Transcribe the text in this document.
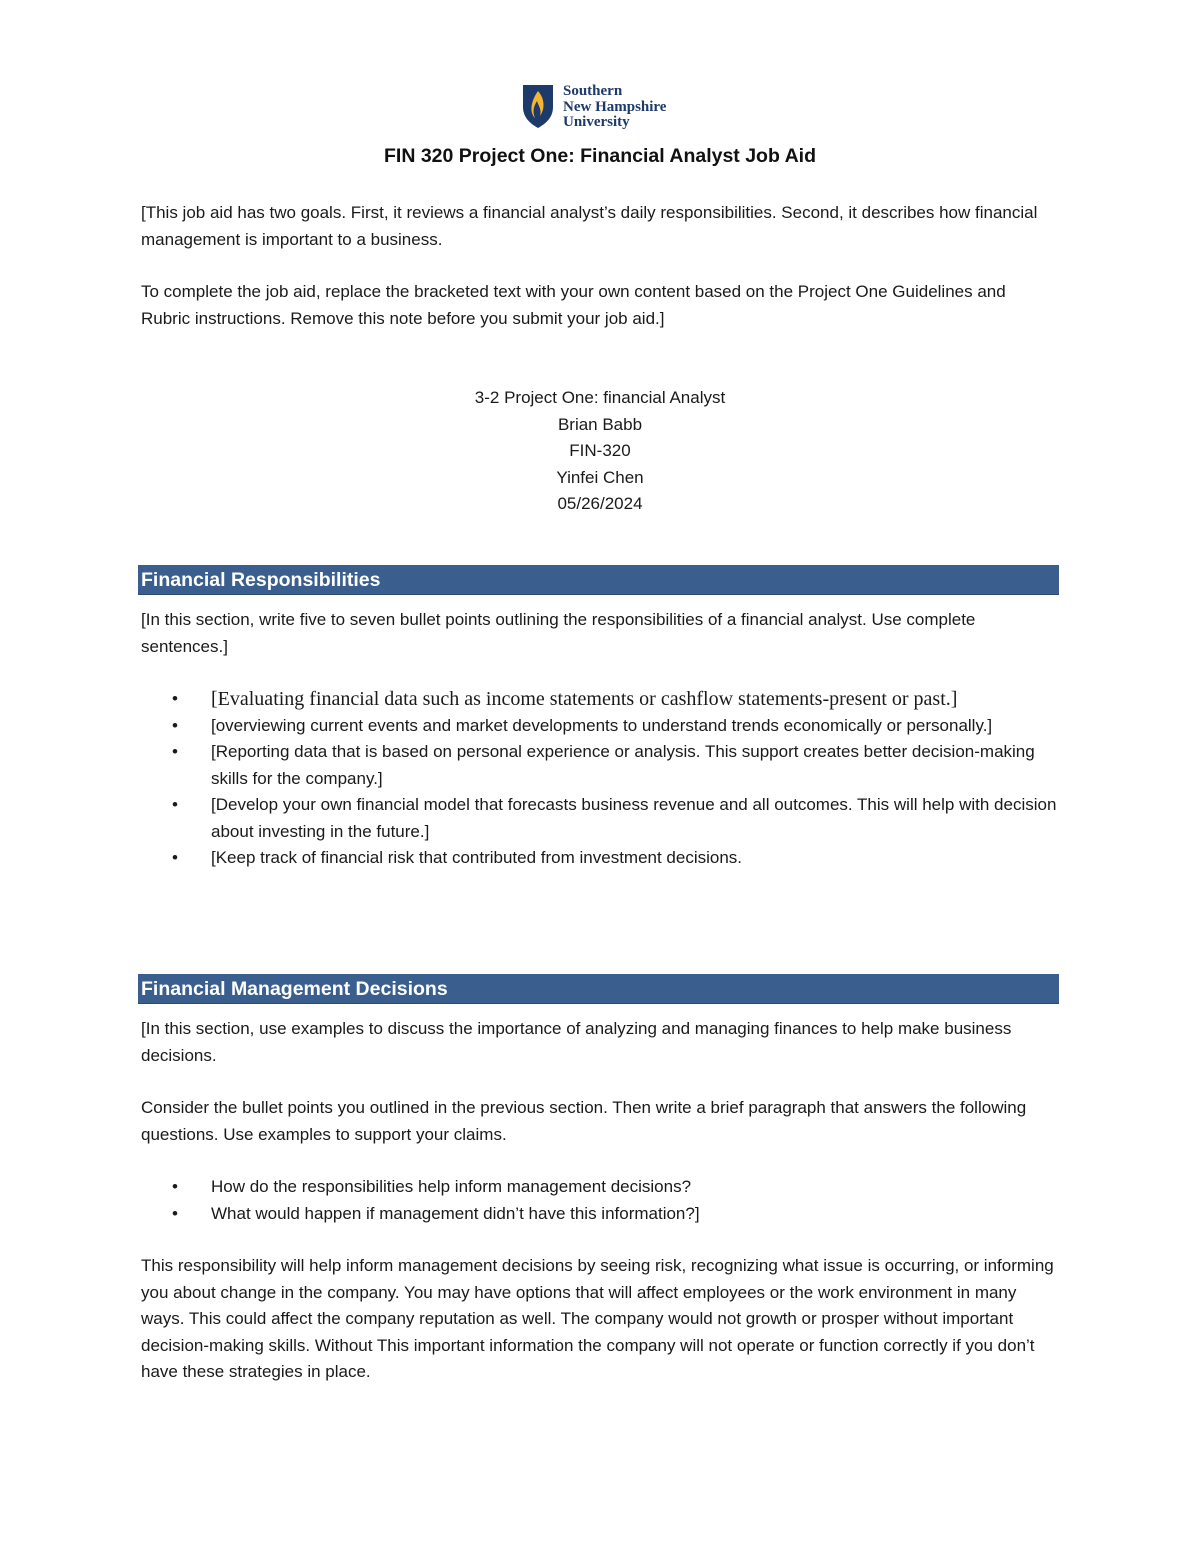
Southern
New Hampshire
University
FIN 320 Project One: Financial Analyst Job Aid

[This job aid has two goals. First, it reviews a financial analyst’s daily responsibilities. Second, it describes how financial management is important to a business.

To complete the job aid, replace the bracketed text with your own content based on the Project One Guidelines and Rubric instructions. Remove this note before you submit your job aid.]

3-2 Project One: financial Analyst

Brian Babb

FIN-320

Yinfei Chen

05/26/2024

Financial Responsibilities

[In this section, write five to seven bullet points outlining the responsibilities of a financial analyst. Use complete sentences.]

• [Evaluating financial data such as income statements or cashflow statements-present or past.]
• [overviewing current events and market developments to understand trends economically or personally.]
• [Reporting data that is based on personal experience or analysis. This support creates better decision-making skills for the company.]
• [Develop your own financial model that forecasts business revenue and all outcomes. This will help with decision about investing in the future.]
• [Keep track of financial risk that contributed from investment decisions.
Financial Management Decisions

[In this section, use examples to discuss the importance of analyzing and managing finances to help make business decisions.

Consider the bullet points you outlined in the previous section. Then write a brief paragraph that answers the following questions. Use examples to support your claims.

• How do the responsibilities help inform management decisions?
• What would happen if management didn’t have this information?]

This responsibility will help inform management decisions by seeing risk, recognizing what issue is occurring, or informing you about change in the company. You may have options that will affect employees or the work environment in many ways. This could affect the company reputation as well. The company would not growth or prosper without important decision-making skills. Without This important information the company will not operate or function correctly if you don’t have these strategies in place.
